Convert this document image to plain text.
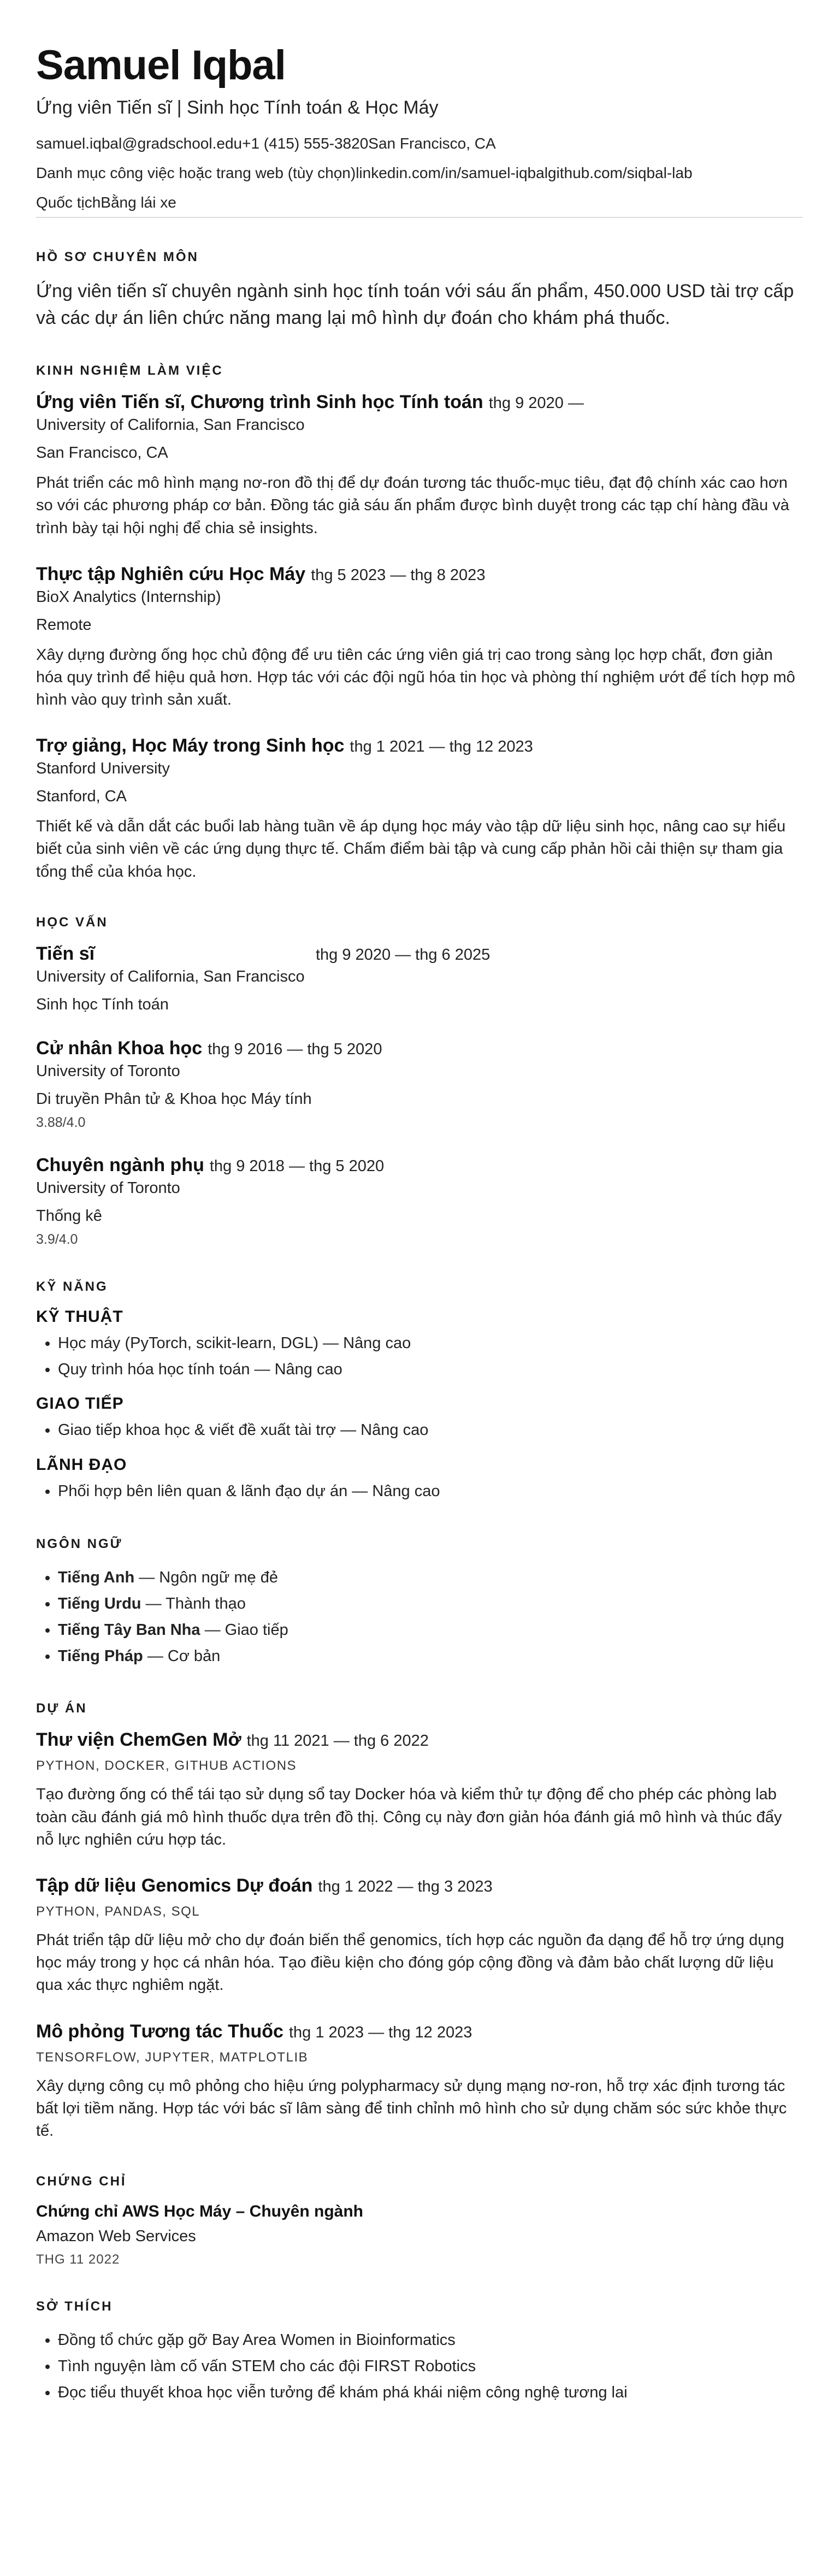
Samuel Iqbal
Ứng viên Tiến sĩ | Sinh học Tính toán & Học Máy
samuel.iqbal@gradschool.edu+1 (415) 555-3820San Francisco, CA
Danh mục công việc hoặc trang web (tùy chọn)linkedin.com/in/samuel-iqbalgithub.com/siqbal-lab
Quốc tịchBằng lái xe
HỒ SƠ CHUYÊN MÔN
Ứng viên tiến sĩ chuyên ngành sinh học tính toán với sáu ấn phẩm, 450.000 USD tài trợ cấp và các dự án liên chức năng mang lại mô hình dự đoán cho khám phá thuốc.
KINH NGHIỆM LÀM VIỆC
Ứng viên Tiến sĩ, Chương trình Sinh học Tính toán thg 9 2020 —
University of California, San Francisco
San Francisco, CA
Phát triển các mô hình mạng nơ-ron đồ thị để dự đoán tương tác thuốc-mục tiêu, đạt độ chính xác cao hơn so với các phương pháp cơ bản. Đồng tác giả sáu ấn phẩm được bình duyệt trong các tạp chí hàng đầu và trình bày tại hội nghị để chia sẻ insights.
Thực tập Nghiên cứu Học Máy thg 5 2023 — thg 8 2023
BioX Analytics (Internship)
Remote
Xây dựng đường ống học chủ động để ưu tiên các ứng viên giá trị cao trong sàng lọc hợp chất, đơn giản hóa quy trình để hiệu quả hơn. Hợp tác với các đội ngũ hóa tin học và phòng thí nghiệm ướt để tích hợp mô hình vào quy trình sản xuất.
Trợ giảng, Học Máy trong Sinh học thg 1 2021 — thg 12 2023
Stanford University
Stanford, CA
Thiết kế và dẫn dắt các buổi lab hàng tuần về áp dụng học máy vào tập dữ liệu sinh học, nâng cao sự hiểu biết của sinh viên về các ứng dụng thực tế. Chấm điểm bài tập và cung cấp phản hồi cải thiện sự tham gia tổng thể của khóa học.
HỌC VẤN
Tiến sĩ	thg 9 2020 — thg 6 2025
University of California, San Francisco
Sinh học Tính toán
Cử nhân Khoa học thg 9 2016 — thg 5 2020
University of Toronto
Di truyền Phân tử & Khoa học Máy tính
3.88/4.0
Chuyên ngành phụ thg 9 2018 — thg 5 2020
University of Toronto
Thống kê
3.9/4.0
KỸ NĂNG
KỸ THUẬT
• Học máy (PyTorch, scikit-learn, DGL) — Nâng cao
• Quy trình hóa học tính toán — Nâng cao
GIAO TIẾP
• Giao tiếp khoa học & viết đề xuất tài trợ — Nâng cao
LÃNH ĐẠO
• Phối hợp bên liên quan & lãnh đạo dự án — Nâng cao
NGÔN NGỮ
• Tiếng Anh — Ngôn ngữ mẹ đẻ
• Tiếng Urdu — Thành thạo
• Tiếng Tây Ban Nha — Giao tiếp
• Tiếng Pháp — Cơ bản
DỰ ÁN
Thư viện ChemGen Mở thg 11 2021 — thg 6 2022
PYTHON, DOCKER, GITHUB ACTIONS
Tạo đường ống có thể tái tạo sử dụng sổ tay Docker hóa và kiểm thử tự động để cho phép các phòng lab toàn cầu đánh giá mô hình thuốc dựa trên đồ thị. Công cụ này đơn giản hóa đánh giá mô hình và thúc đẩy nỗ lực nghiên cứu hợp tác.
Tập dữ liệu Genomics Dự đoán thg 1 2022 — thg 3 2023
PYTHON, PANDAS, SQL
Phát triển tập dữ liệu mở cho dự đoán biến thể genomics, tích hợp các nguồn đa dạng để hỗ trợ ứng dụng học máy trong y học cá nhân hóa. Tạo điều kiện cho đóng góp cộng đồng và đảm bảo chất lượng dữ liệu qua xác thực nghiêm ngặt.
Mô phỏng Tương tác Thuốc thg 1 2023 — thg 12 2023
TENSORFLOW, JUPYTER, MATPLOTLIB
Xây dựng công cụ mô phỏng cho hiệu ứng polypharmacy sử dụng mạng nơ-ron, hỗ trợ xác định tương tác bất lợi tiềm năng. Hợp tác với bác sĩ lâm sàng để tinh chỉnh mô hình cho sử dụng chăm sóc sức khỏe thực tế.
CHỨNG CHỈ
Chứng chỉ AWS Học Máy – Chuyên ngành
Amazon Web Services
THG 11 2022
SỞ THÍCH
• Đồng tổ chức gặp gỡ Bay Area Women in Bioinformatics
• Tình nguyện làm cố vấn STEM cho các đội FIRST Robotics
• Đọc tiểu thuyết khoa học viễn tưởng để khám phá khái niệm công nghệ tương lai
